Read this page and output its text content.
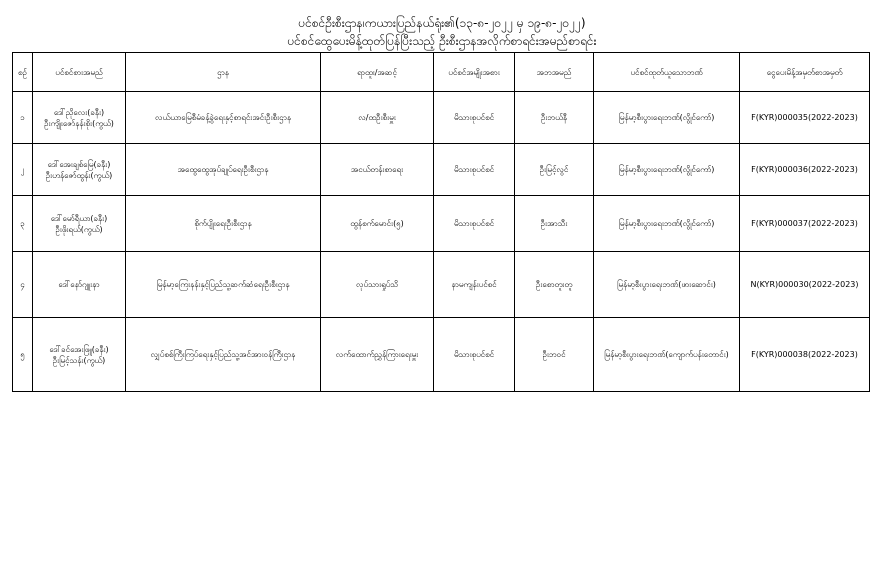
ပင်စင်ဦးစီးဌာန၊ကယားပြည်နယ်ရုံး၏(၁၃-၈-၂၀၂၂ မှ ၁၉-၈-၂၀၂၂)
ပင်စင်ထွေပေးမိန့်ထုတ်ပြန်ပြီးသည့် ဦးစီးဌာနအလိုက်စာရင်းအမည်စာရင်း
စဉ်	ပင်စင်စားအမည်	ဌာန	ရာထူး/အဆင့်	ပင်စင်အမျိုးအစား	အဘအမည်	ပင်စင်ထုတ်ယူသောဘဏ်	ငွေပေးမိန့်အမှတ်စာအမှတ်
၁	ဒေါ်ညိုလေး(ခနီး)
ဦးကျိုးဇော်နန်းစိုး(ကွယ်)	လယ်ယာမြေစီမံခန့်ခွဲရေးနှင့်စာရင်းအင်းဦးစီးဌာန	လ/ထဦးစီးမှူး	မိသားစုပင်စင်	ဦးဘယ်နီ	မြန်မာ့စီးပွားရေးဘဏ်(လွိုင်ကော်)	F(KYR)000035(2022-2023)
၂	ဒေါ်အေးချစ်မြေ(ခနီး)
ဦးဟန်ဇော်ထွန်း(ကွယ်)	အထွေထွေအုပ်ချုပ်ရေးဦးစီးဌာန	အငယ်တန်းစာရေး	မိသားစုပင်စင်	ဦးမြင့်လွင်	မြန်မာ့စီးပွားရေးဘဏ်(လွိုင်ကော်)	F(KYR)000036(2022-2023)
၃	ဒေါ်မော်ရီယာ(ခနီး)
ဦးဖိုးရယ်(ကွယ်)	စိုက်ပျိုးရေးဦးစီးဌာန	ထွန်စက်မောင်း(၅)	မိသားစုပင်စင်	ဦးအာသီး	မြန်မာ့စီးပွားရေးဘဏ်(လွိုင်ကော်)	F(KYR)000037(2022-2023)
၄	ဒေါ်နော်ဂျူးနာ	မြန်မာ့ကြေးနန်းနှင့်ပြည်သူ့ဆက်ဆံရေးဦးစီးဌာန	လုပ်သားရှုပ်သိ	နာမကျန်းပင်စင်	ဦးစောတူးတူ	မြန်မာ့စီးပွားရေးဘဏ်(ဖားဆောင်း)	N(KYR)000030(2022-2023)
၅	ဒေါ်ခင်အေးဖြူ(ခနီး)
ဦးမြင့်သန်း(ကွယ်)	လျှပ်စစ်ကြီးကြပ်ရေးနှင့်ပြည်သူ့အင်အားဝန်ကြီးဌာန	လက်ထောက်ညွှန်ကြားရေးမှူး	မိသားစုပင်စင်	ဦးဘဝင်	မြန်မာ့စီးပွားရေးဘဏ်(ကျောက်ပန်းတောင်း)	F(KYR)000038(2022-2023)
